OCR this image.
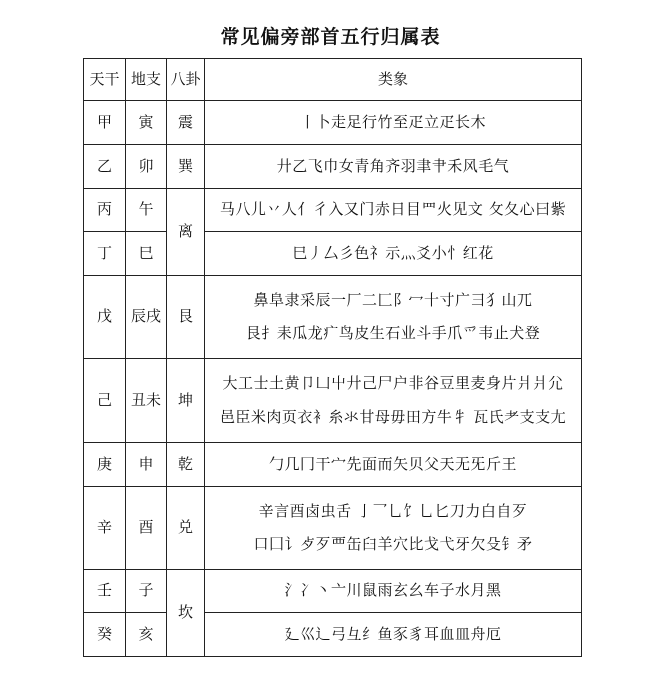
常见偏旁部首五行归属表
天干	地支	八卦	类象
甲	寅	震	丨卜走足行竹至疋立疋长木

乙	卯	巽	廾乙飞巾女青角齐羽聿肀禾风毛气

丙	午	离	马八儿丷人亻彳入又门赤日目罒火见文 攵夂心曰紫

丁	巳		巳丿厶彡色礻示灬爻小忄红花

戊	辰戌	艮	鼻阜隶采辰一厂二匚阝冖十寸广彐犭山兀
艮扌耒瓜龙疒鸟皮生石业斗手爪爫韦止犬登

己	丑未	坤	大工士土黄卩凵屮廾己尸户非谷豆里麦身片爿爿尣
邑臣米肉页衣衤糸氺甘母毋田方牛牜 瓦氏耂支支尢

庚	申	乾	勹几冂干宀先面而矢贝父天无旡斤王

辛	酉	兑	辛言酉卤虫舌 亅乛乚饣乚匕刀力白自歹
口囗讠歺歹覀缶臼羊穴比戈弋牙欠殳钅矛

壬	子	坎	氵冫丶亠川鼠雨玄幺车子水月黑

癸	亥		廴巛辶弓彑纟鱼豕豸耳血皿舟厄
